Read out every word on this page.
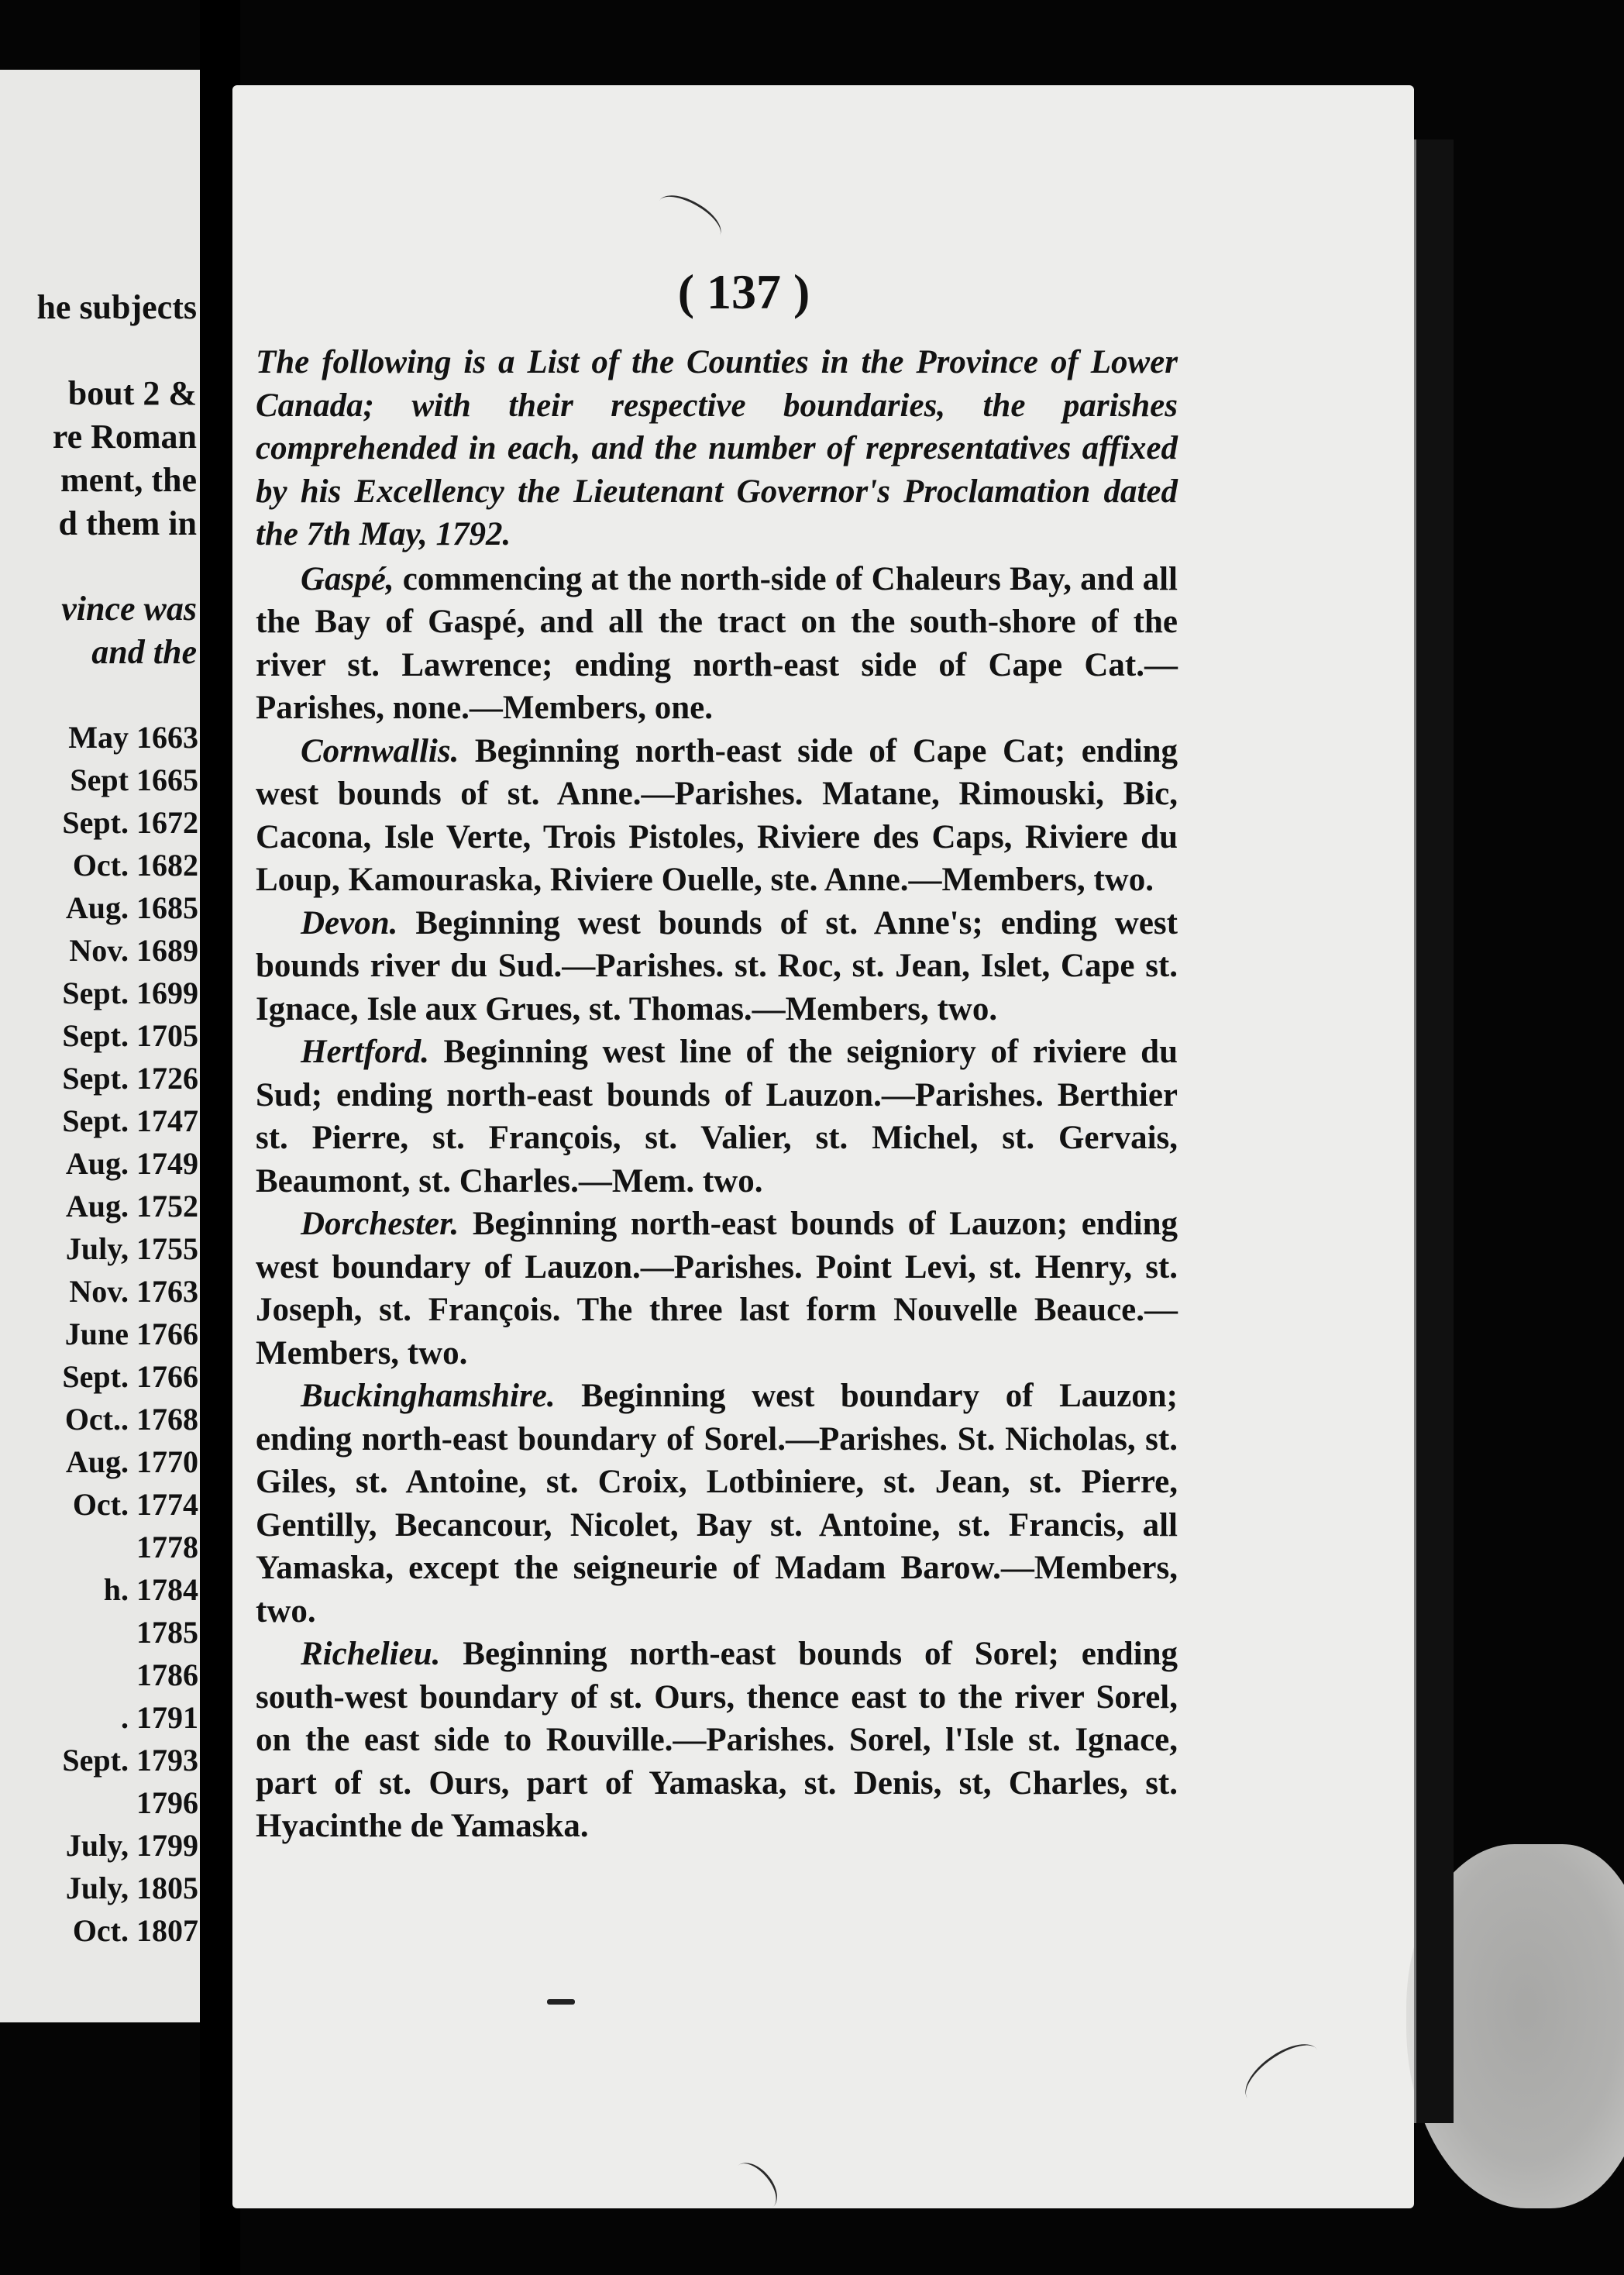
he subjects
bout 2 &
re Roman
ment, the
d them in
vince was
and the
May 1663
Sept 1665
Sept. 1672
Oct. 1682
Aug. 1685
Nov. 1689
Sept. 1699
Sept. 1705
Sept. 1726
Sept. 1747
Aug. 1749
Aug. 1752
July, 1755
Nov. 1763
June 1766
Sept. 1766
Oct.. 1768
Aug. 1770
Oct. 1774
1778
h. 1784
1785
1786
. 1791
Sept. 1793
1796
July, 1799
July, 1805
Oct. 1807
( 137 )

The following is a List of the Counties in the Province of Lower Canada; with their respective boundaries, the parishes comprehended in each, and the number of representatives affixed by his Excellency the Lieutenant Governor's Proclamation dated the 7th May, 1792.

Gaspé, commencing at the north-side of Chaleurs Bay, and all the Bay of Gaspé, and all the tract on the south-shore of the river st. Lawrence; ending north-east side of Cape Cat.—Parishes, none.—Members, one.

Cornwallis. Beginning north-east side of Cape Cat; ending west bounds of st. Anne.—Parishes. Matane, Rimouski, Bic, Cacona, Isle Verte, Trois Pistoles, Riviere des Caps, Riviere du Loup, Kamouraska, Riviere Ouelle, ste. Anne.—Members, two.

Devon. Beginning west bounds of st. Anne's; ending west bounds river du Sud.—Parishes. st. Roc, st. Jean, Islet, Cape st. Ignace, Isle aux Grues, st. Thomas.—Members, two.

Hertford. Beginning west line of the seigniory of riviere du Sud; ending north-east bounds of Lauzon.—Parishes. Berthier st. Pierre, st. François, st. Valier, st. Michel, st. Gervais, Beaumont, st. Charles.—Mem. two.

Dorchester. Beginning north-east bounds of Lauzon; ending west boundary of Lauzon.—Parishes. Point Levi, st. Henry, st. Joseph, st. François. The three last form Nouvelle Beauce.—Members, two.

Buckinghamshire. Beginning west boundary of Lauzon; ending north-east boundary of Sorel.—Parishes. St. Nicholas, st. Giles, st. Antoine, st. Croix, Lotbiniere, st. Jean, st. Pierre, Gentilly, Becancour, Nicolet, Bay st. Antoine, st. Francis, all Yamaska, except the seigneurie of Madam Barow.—Members, two.

Richelieu. Beginning north-east bounds of Sorel; ending south-west boundary of st. Ours, thence east to the river Sorel, on the east side to Rouville.—Parishes. Sorel, l'Isle st. Ignace, part of st. Ours, part of Yamaska, st. Denis, st, Charles, st. Hyacinthe de Yamaska.
